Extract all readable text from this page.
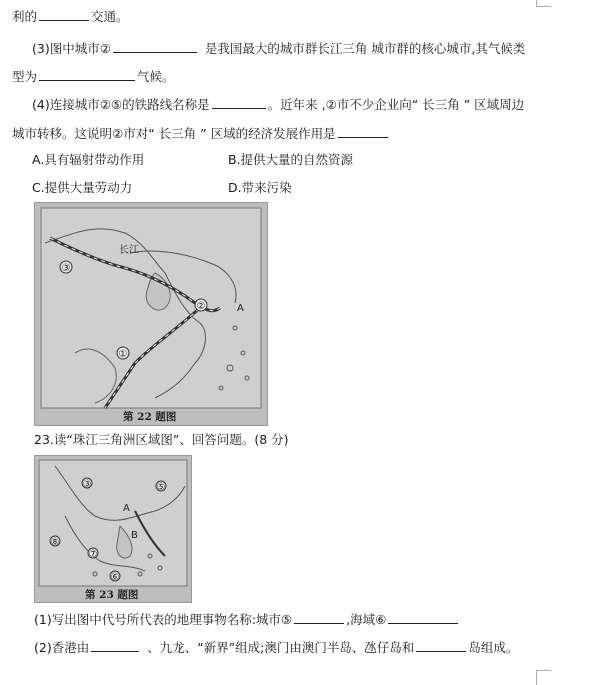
利的	交通。
(3)图中城市②	是我国最大的城市群长江三角 城市群的核心城市,其气候类
型为	气候。
(4)连接城市②⑤的铁路线名称是	。近年来 ,②市不少企业向“ 长三角 ” 区域周边
城市转移。这说明②市对“ 长三角 ” 区域的经济发展作用是
A.具有辐射带动作用	B.提供大量的自然资源
C.提供大量劳动力	D.带来污染
③
②
①
长江
A
第 22 题图
23.读“珠江三角洲区域图”、回答问题。(8 分)
③	⑤
⑥
⑦
⑧
A
B
第 23 题图
(1)写出图中代号所代表的地理事物名称:城市⑤	,海域⑥
(2)香港由	、九龙、“新界”组成;澳门由澳门半岛、氹仔岛和	岛组成。
